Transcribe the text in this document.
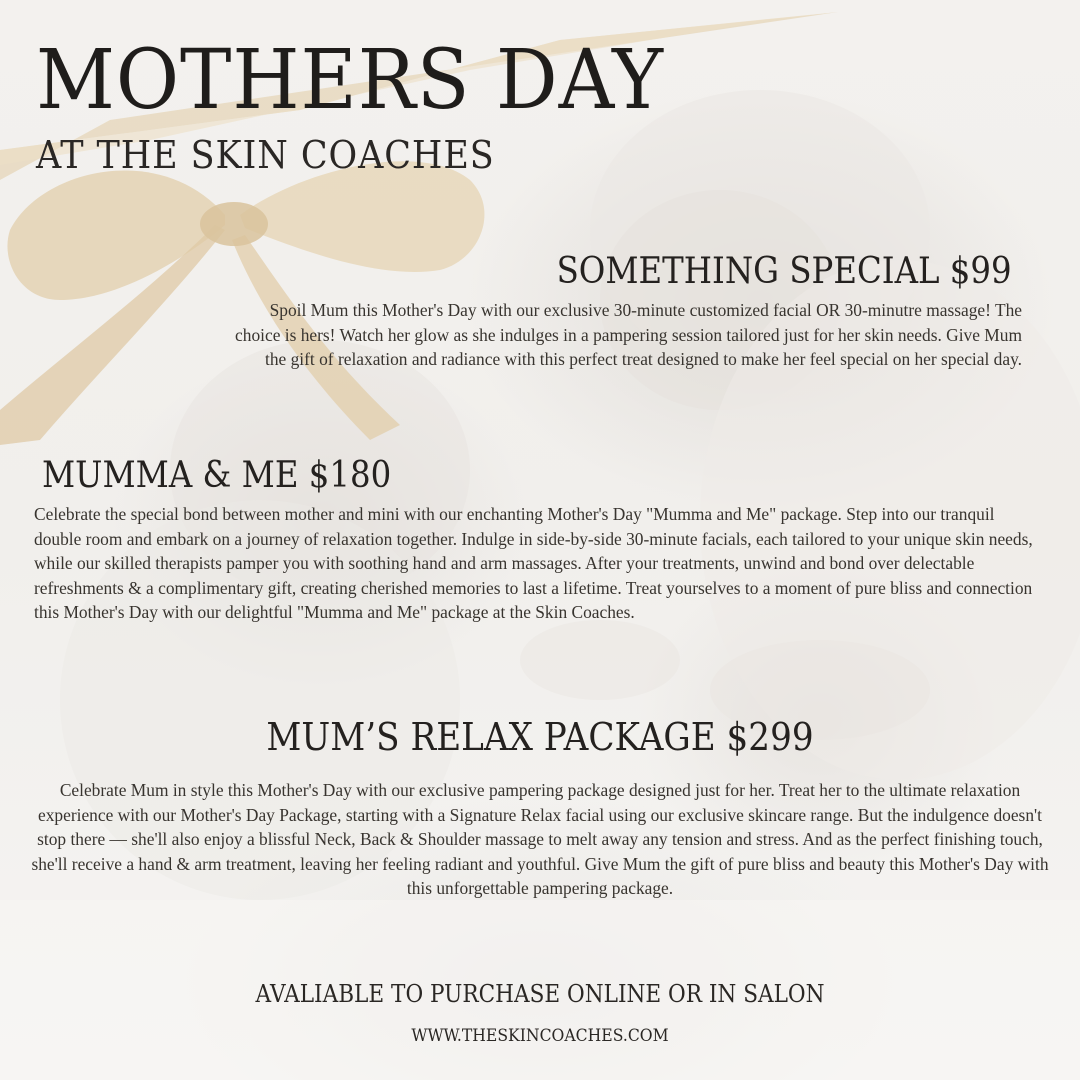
MOTHERS DAY
AT THE SKIN COACHES
SOMETHING SPECIAL $99

Spoil Mum this Mother's Day with our exclusive 30-minute customized facial OR 30-minutre massage! The choice is hers! Watch her glow as she indulges in a pampering session tailored just for her skin needs. Give Mum the gift of relaxation and radiance with this perfect treat designed to make her feel special on her special day.

MUMMA & ME $180

Celebrate the special bond between mother and mini with our enchanting Mother's Day "Mumma and Me" package. Step into our tranquil double room and embark on a journey of relaxation together. Indulge in side-by-side 30-minute facials, each tailored to your unique skin needs, while our skilled therapists pamper you with soothing hand and arm massages. After your treatments, unwind and bond over delectable refreshments & a complimentary gift, creating cherished memories to last a lifetime. Treat yourselves to a moment of pure bliss and connection this Mother's Day with our delightful "Mumma and Me" package at the Skin Coaches.

MUM’S RELAX PACKAGE $299

Celebrate Mum in style this Mother's Day with our exclusive pampering package designed just for her. Treat her to the ultimate relaxation experience with our Mother's Day Package, starting with a Signature Relax facial using our exclusive skincare range. But the indulgence doesn't stop there — she'll also enjoy a blissful Neck, Back & Shoulder massage to melt away any tension and stress. And as the perfect finishing touch, she'll receive a hand & arm treatment, leaving her feeling radiant and youthful. Give Mum the gift of pure bliss and beauty this Mother's Day with this unforgettable pampering package.

AVALIABLE TO PURCHASE ONLINE OR IN SALON

WWW.THESKINCOACHES.COM
